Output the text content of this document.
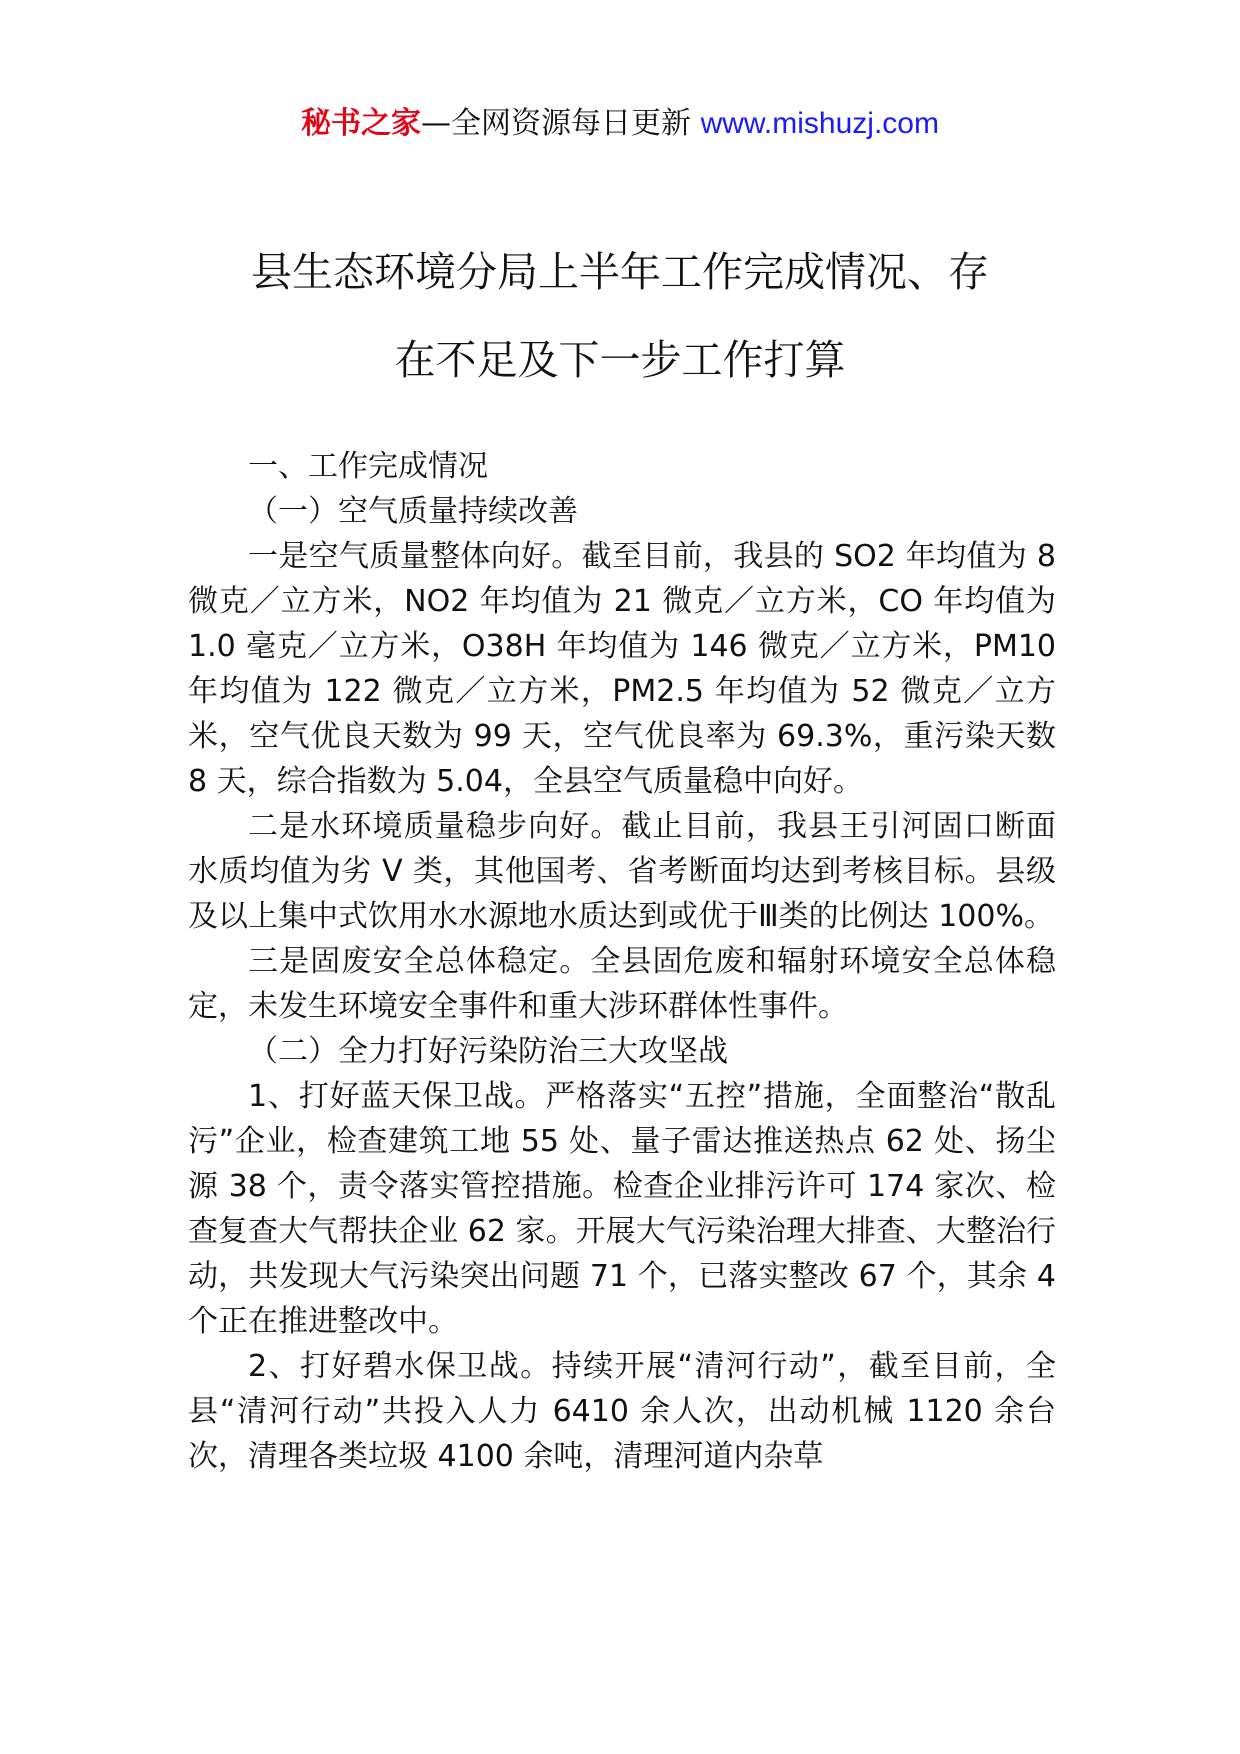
秘书之家—全网资源每日更新 www.mishuzj.com
县生态环境分局上半年工作完成情况、存
在不足及下一步工作打算

一、工作完成情况

（一）空气质量持续改善

一是空气质量整体向好。截至目前，我县的 SO2 年均值为 8 微克／立方米，NO2 年均值为 21 微克／立方米，CO 年均值为 1.0 毫克／立方米，O38H 年均值为 146 微克／立方米，PM10 年均值为 122 微克／立方米，PM2.5 年均值为 52 微克／立方米，空气优良天数为 99 天，空气优良率为 69.3%，重污染天数 8 天，综合指数为 5.04，全县空气质量稳中向好。

二是水环境质量稳步向好。截止目前，我县王引河固口断面水质均值为劣 V 类，其他国考、省考断面均达到考核目标。县级及以上集中式饮用水水源地水质达到或优于Ⅲ类的比例达 100%。

三是固废安全总体稳定。全县固危废和辐射环境安全总体稳定，未发生环境安全事件和重大涉环群体性事件。

（二）全力打好污染防治三大攻坚战

1、打好蓝天保卫战。严格落实“五控”措施，全面整治“散乱污”企业，检查建筑工地 55 处、量子雷达推送热点 62 处、扬尘源 38 个，责令落实管控措施。检查企业排污许可 174 家次、检查复查大气帮扶企业 62 家。开展大气污染治理大排查、大整治行动，共发现大气污染突出问题 71 个，已落实整改 67 个，其余 4 个正在推进整改中。

2、打好碧水保卫战。持续开展“清河行动”，截至目前，全县“清河行动”共投入人力 6410 余人次，出动机械 1120 余台次，清理各类垃圾 4100 余吨，清理河道内杂草
